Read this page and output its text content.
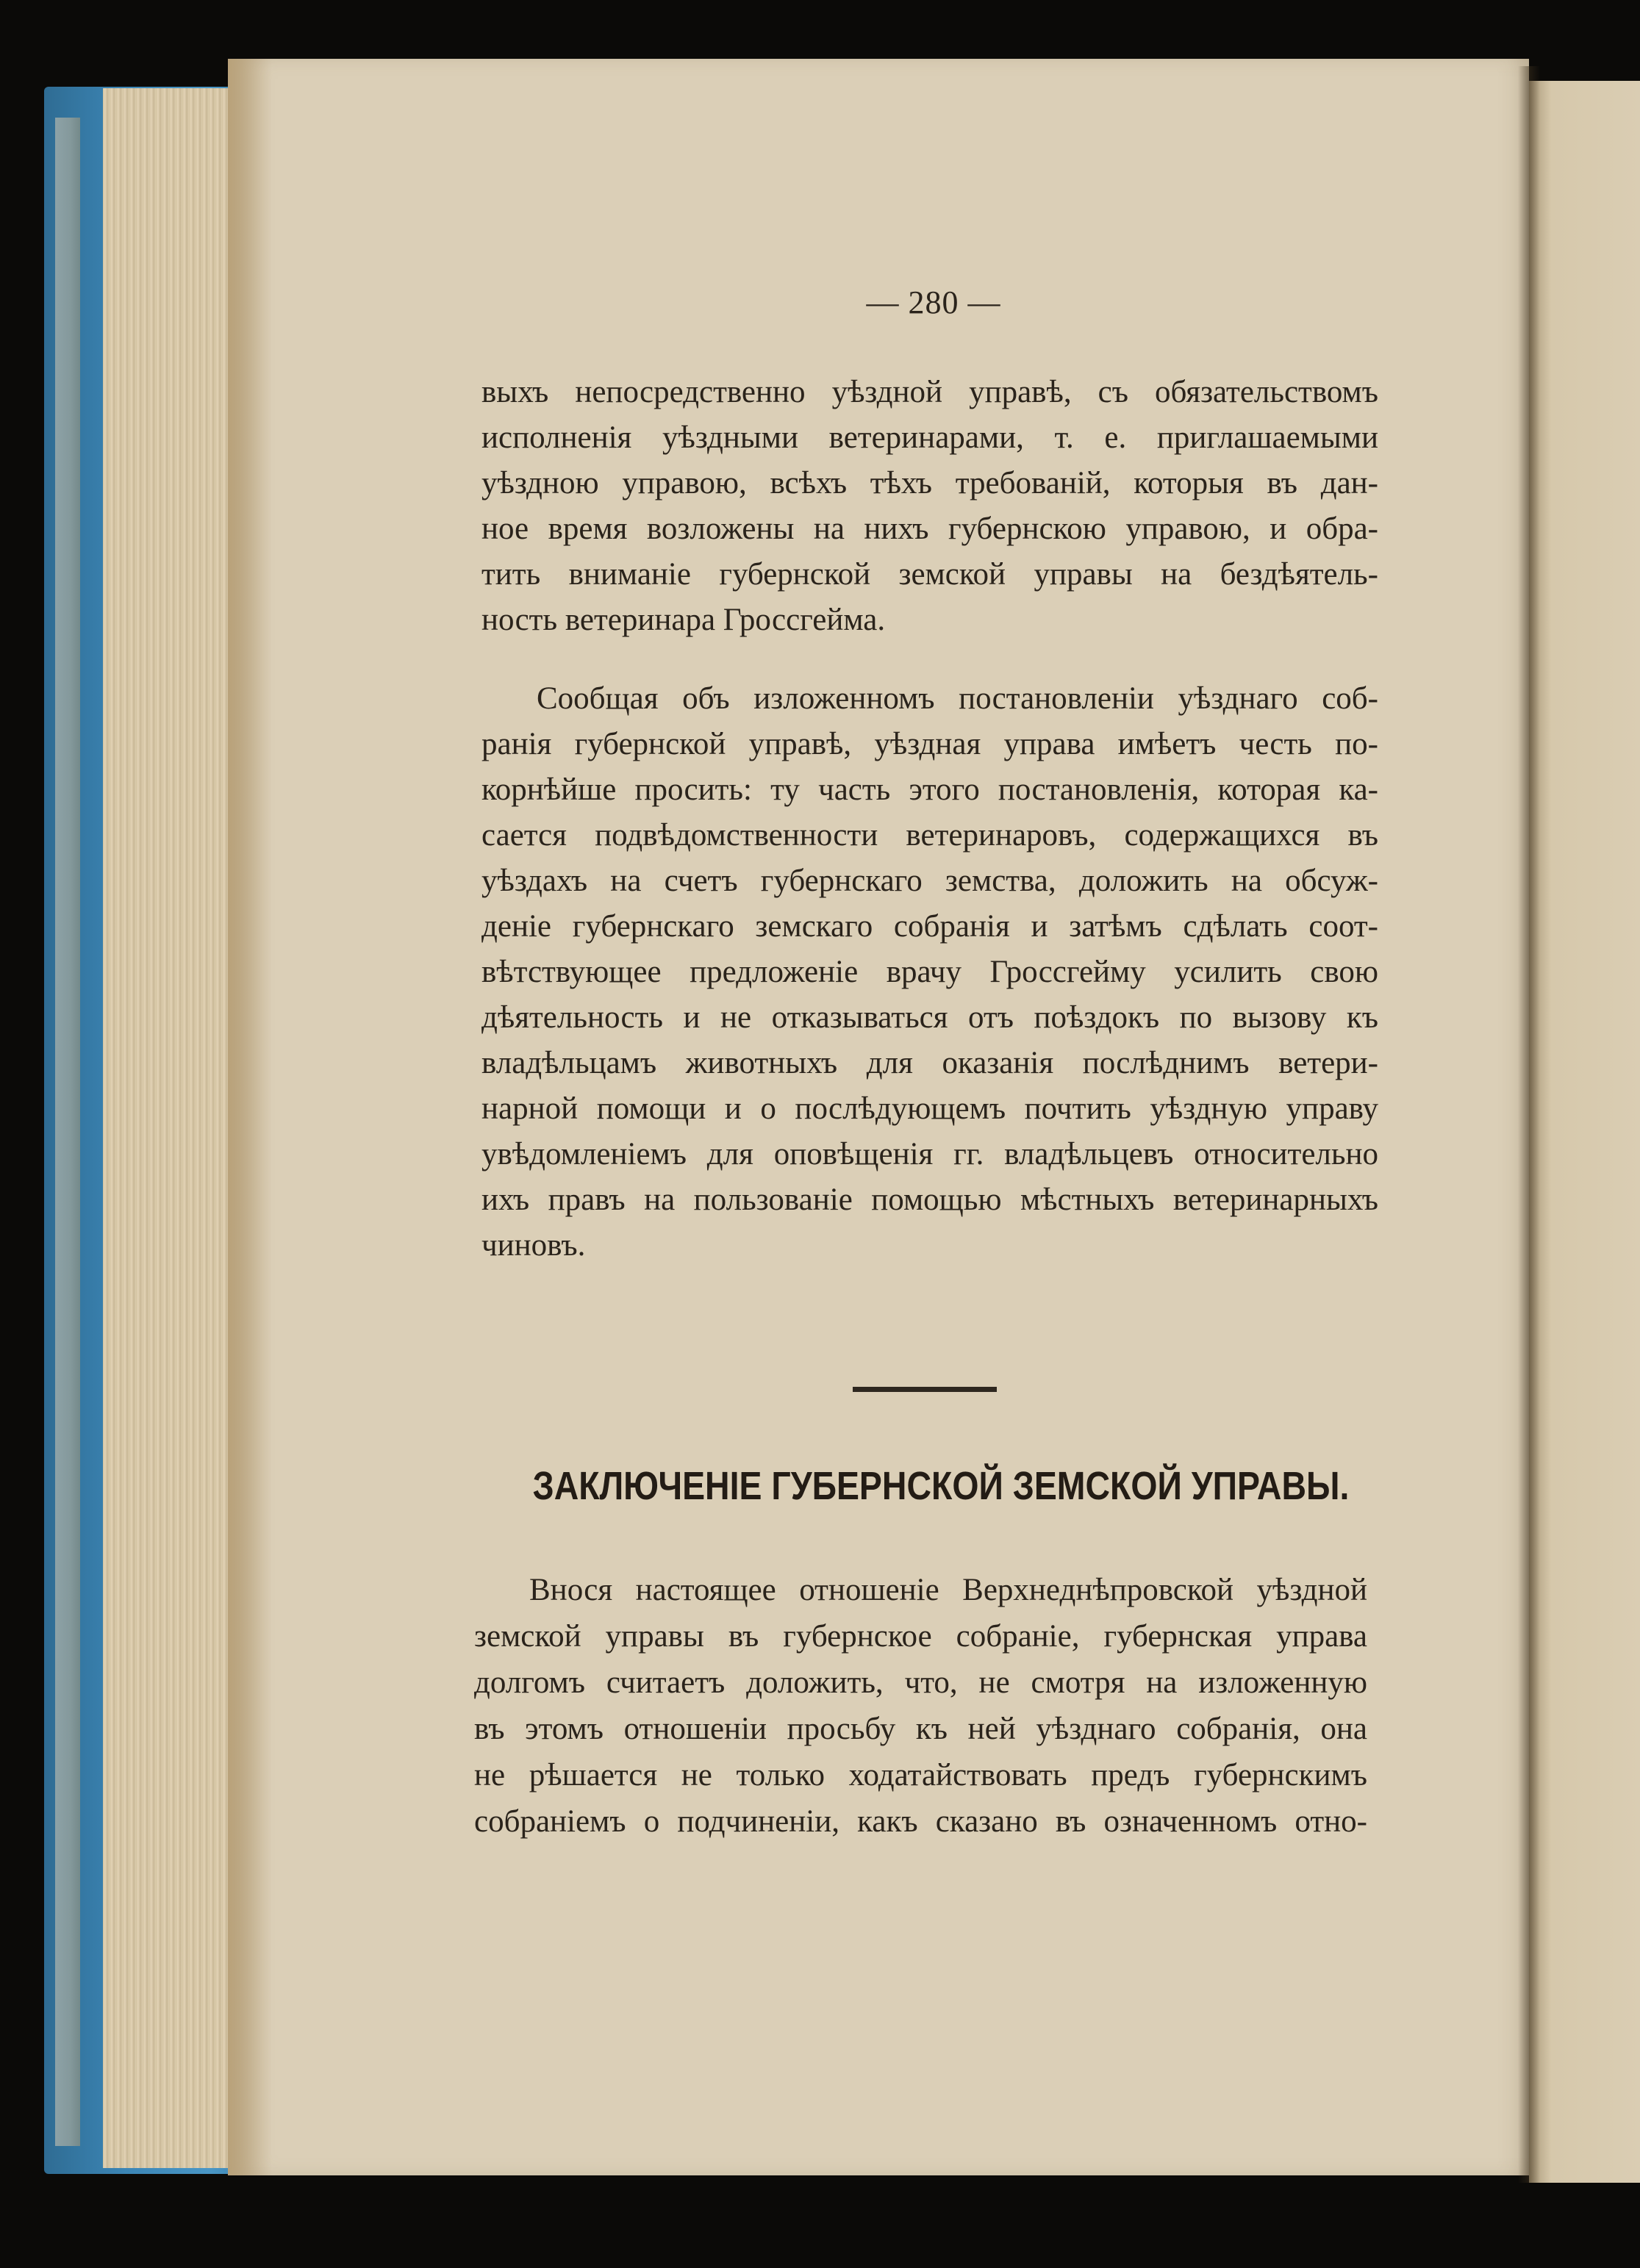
— 280 —
выхъ непосредственно уѣздной управѣ, съ обязательствомъ
исполненія уѣздными ветеринарами, т. е. приглашаемыми
уѣздною управою, всѣхъ тѣхъ требованій, которыя въ дан-
ное время возложены на нихъ губернскою управою, и обра-
тить вниманіе губернской земской управы на бездѣятель-
ность ветеринара Гроссгейма.
Сообщая объ изложенномъ постановленіи уѣзднаго соб-
ранія губернской управѣ, уѣздная управа имѣетъ честь по-
корнѣйше просить: ту часть этого постановленія, которая ка-
сается подвѣдомственности ветеринаровъ, содержащихся въ
уѣздахъ на счетъ губернскаго земства, доложить на обсуж-
деніе губернскаго земскаго собранія и затѣмъ сдѣлать соот-
вѣтствующее предложеніе врачу Гроссгейму усилить свою
дѣятельность и не отказываться отъ поѣздокъ по вызову къ
владѣльцамъ животныхъ для оказанія послѣднимъ ветери-
нарной помощи и о послѣдующемъ почтить уѣздную управу
увѣдомленіемъ для оповѣщенія гг. владѣльцевъ относительно
ихъ правъ на пользованіе помощью мѣстныхъ ветеринарныхъ
чиновъ.
ЗАКЛЮЧЕНІЕ ГУБЕРНСКОЙ ЗЕМСКОЙ УПРАВЫ.
Внося настоящее отношеніе Верхнеднѣпровской уѣздной
земской управы въ губернское собраніе, губернская управа
долгомъ считаетъ доложить, что, не смотря на изложенную
въ этомъ отношеніи просьбу къ ней уѣзднаго собранія, она
не рѣшается не только ходатайствовать предъ губернскимъ
собраніемъ о подчиненіи, какъ сказано въ означенномъ отно-
